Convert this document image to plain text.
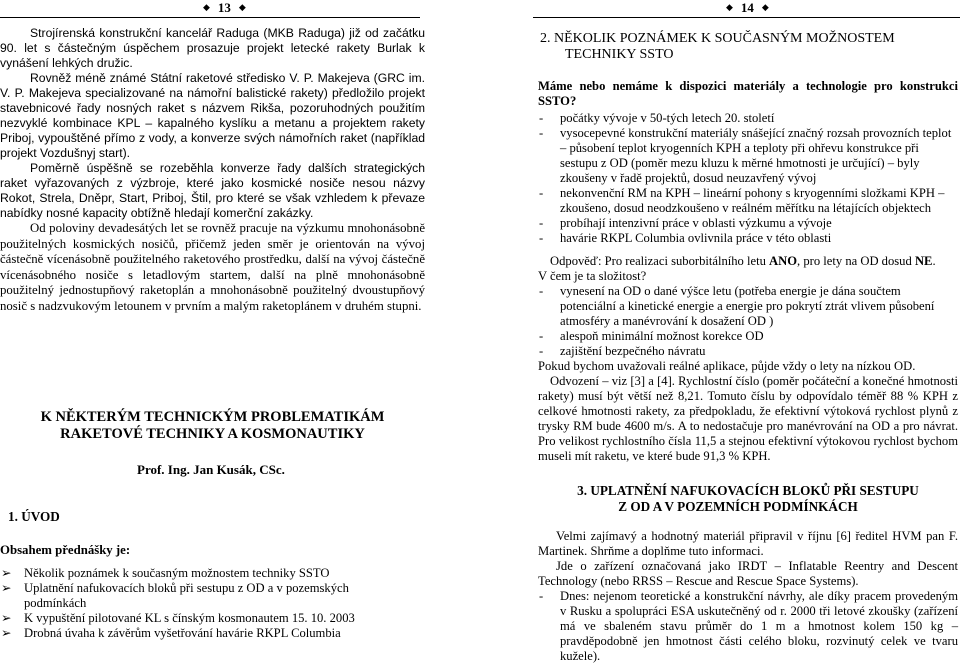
◆ 13 ◆	◆ 14 ◆

Strojírenská konstrukční kancelář Raduga (MKB Raduga) již od začátku 90. let s částečným úspěchem prosazuje projekt letecké rakety Burlak k vynášení lehkých družic.

Rovněž méně známé Státní raketové středisko V. P. Makejeva (GRC im. V. P. Makejeva specializované na námořní balistické rakety) předložilo projekt stavebnicové řady nosných raket s názvem Rikša, pozoruhodných použitím nezvyklé kombinace KPL – kapalného kyslíku a metanu a projektem rakety Priboj, vypouštěné přímo z vody, a konverze svých námořních raket (například projekt Vozdušnyj start).

Poměrně úspěšně se rozeběhla konverze řady dalších strategických raket vyřazovaných z výzbroje, které jako kosmické nosiče nesou názvy Rokot, Strela, Dněpr, Start, Priboj, Štil, pro které se však vzhledem k převaze nabídky nosné kapacity obtížně hledají komerční zakázky.

Od poloviny devadesátých let se rovněž pracuje na výzkumu mnohonásobně použitelných kosmických nosičů, přičemž jeden směr je orientován na vývoj částečně vícenásobně použitelného raketového prostředku, další na vývoj částečně vícenásobného nosiče s letadlovým startem, další na plně mnohonásobně použitelný jednostupňový raketoplán a mnohonásobně použitelný dvoustupňový nosič s nadzvukovým letounem v prvním a malým raketoplánem v druhém stupni.

K NĚKTERÝM TECHNICKÝM PROBLEMATIKÁM

RAKETOVÉ TECHNIKY A KOSMONAUTIKY

Prof. Ing. Jan Kusák, CSc.
1. ÚVOD
Obsahem přednášky je:
➢ Několik poznámek k současným možnostem techniky SSTO
➢ Uplatnění nafukovacích bloků při sestupu z OD a v pozemských podmínkách
➢ K vypuštění pilotované KL s čínským kosmonautem 15. 10. 2003
➢ Drobná úvaha k závěrům vyšetřování havárie RKPL Columbia

2. NĚKOLIK POZNÁMEK K SOUČASNÝM MOŽNOSTEM

TECHNIKY SSTO

Máme nebo nemáme k dispozici materiály a technologie pro konstrukci SSTO?

- počátky vývoje v 50-tých letech 20. století
- vysocepevné konstrukční materiály snášející značný rozsah provozních teplot – působení teplot kryogenních KPH a teploty při ohřevu konstrukce při sestupu z OD (poměr mezu kluzu k měrné hmotnosti je určující) – byly zkoušeny v řadě projektů, dosud neuzavřený vývoj
- nekonvenční RM na KPH – lineární pohony s kryogenními složkami KPH – zkoušeno, dosud neodzkoušeno v reálném měřítku na létajících objektech
- probíhají intenzivní práce v oblasti výzkumu a vývoje
- havárie RKPL Columbia ovlivnila práce v této oblasti

Odpověď: Pro realizaci suborbitálního letu ANO, pro lety na OD dosud NE.

V čem je ta složitost?

- vynesení na OD o dané výšce letu (potřeba energie je dána součtem potenciální a kinetické energie a energie pro pokrytí ztrát vlivem působení atmosféry a manévrování k dosažení OD )
- alespoň minimální možnost korekce OD
- zajištění bezpečného návratu

Pokud bychom uvažovali reálné aplikace, půjde vždy o lety na nízkou OD.

Odvození – viz [3] a [4]. Rychlostní číslo (poměr počáteční a konečné hmotnosti rakety) musí být větší než 8,21. Tomuto číslu by odpovídalo téměř 88 % KPH z celkové hmotnosti rakety, za předpokladu, že efektivní výtoková rychlost plynů z trysky RM bude 4600 m/s. A to nedostačuje pro manévrování na OD a pro návrat. Pro velikost rychlostního čísla 11,5 a stejnou efektivní výtokovou rychlost bychom museli mít raketu, ve které bude 91,3 % KPH.

3. UPLATNĚNÍ NAFUKOVACÍCH BLOKŮ PŘI SESTUPU

Z OD A V POZEMNÍCH PODMÍNKÁCH

Velmi zajímavý a hodnotný materiál připravil v říjnu [6] ředitel HVM pan F. Martinek. Shrňme a doplňme tuto informaci.

Jde o zařízení označovaná jako IRDT – Inflatable Reentry and Descent Technology (nebo RRSS – Rescue and Rescue Space Systems).

- Dnes: nejenom teoretické a konstrukční návrhy, ale díky pracem provedeným v Rusku a spolupráci ESA uskutečněný od r. 2000 tři letové zkoušky (zařízení má ve sbaleném stavu průměr do 1 m a hmotnost kolem 150 kg – pravděpodobně jen hmotnost části celého bloku, rozvinutý celek ve tvaru kužele).
